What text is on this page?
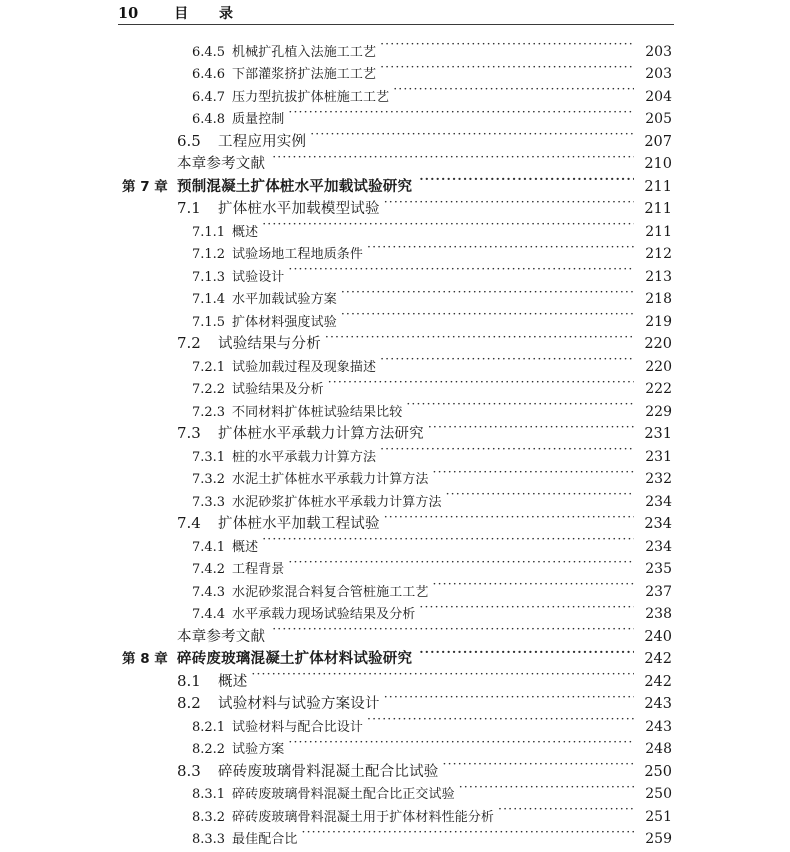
10	目 录
6.4.5 机械扩孔植入法施工工艺 ·····	203
6.4.6 下部灌浆挤扩法施工工艺 ·····	203
6.4.7 压力型抗拔扩体桩施工工艺 ·····	204
6.4.8 质量控制 ·····	205
6.5	工程应用实例 ·····	207
本章参考文献 ·····	210
第 7 章 预制混凝土扩体桩水平加载试验研究 ·····	211
7.1	扩体桩水平加载模型试验 ·····	211
7.1.1 概述 ·····	211
7.1.2 试验场地工程地质条件 ·····	212
7.1.3 试验设计 ·····	213
7.1.4 水平加载试验方案 ·····	218
7.1.5 扩体材料强度试验 ·····	219
7.2	试验结果与分析 ·····	220
7.2.1 试验加载过程及现象描述 ·····	220
7.2.2 试验结果及分析 ·····	222
7.2.3 不同材料扩体桩试验结果比较 ·····	229
7.3	扩体桩水平承载力计算方法研究 ·····	231
7.3.1 桩的水平承载力计算方法 ·····	231
7.3.2 水泥土扩体桩水平承载力计算方法 ·····	232
7.3.3 水泥砂浆扩体桩水平承载力计算方法 ·····	234
7.4	扩体桩水平加载工程试验 ·····	234
7.4.1 概述 ·····	234
7.4.2 工程背景 ·····	235
7.4.3 水泥砂浆混合料复合管桩施工工艺 ·····	237
7.4.4 水平承载力现场试验结果及分析 ·····	238
本章参考文献 ·····	240
第 8 章 碎砖废玻璃混凝土扩体材料试验研究 ·····	242
8.1	概述 ·····	242
8.2	试验材料与试验方案设计 ·····	243
8.2.1 试验材料与配合比设计 ·····	243
8.2.2 试验方案 ·····	248
8.3	碎砖废玻璃骨料混凝土配合比试验 ·····	250
8.3.1 碎砖废玻璃骨料混凝土配合比正交试验 ·····	250
8.3.2 碎砖废玻璃骨料混凝土用于扩体材料性能分析 ·····	251
8.3.3 最佳配合比 ·····	259
